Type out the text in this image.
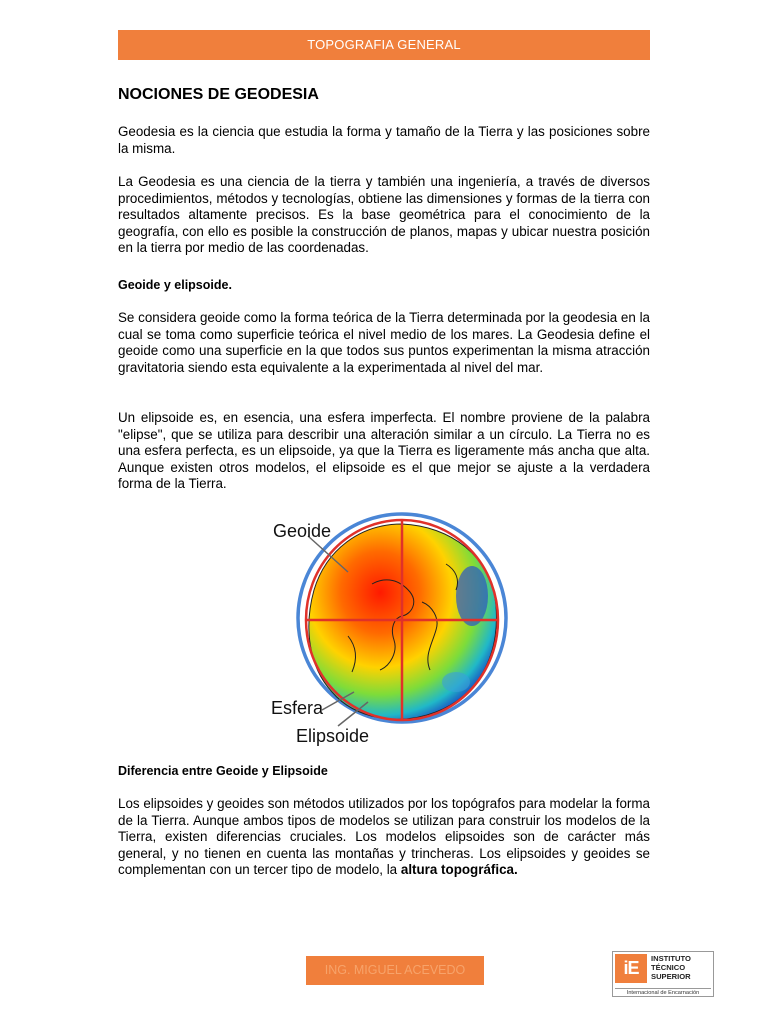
TOPOGRAFIA GENERAL
NOCIONES DE GEODESIA

Geodesia es la ciencia que estudia la forma y tamaño de la Tierra y las posiciones sobre la misma.

La Geodesia es una ciencia de la tierra y también una ingeniería, a través de diversos procedimientos, métodos y tecnologías, obtiene las dimensiones y formas de la tierra con resultados altamente precisos. Es la base geométrica para el conocimiento de la geografía, con ello es posible la construcción de planos, mapas y ubicar nuestra posición en la tierra por medio de las coordenadas.

Geoide y elipsoide.

Se considera geoide como la forma teórica de la Tierra determinada por la geodesia en la cual se toma como superficie teórica el nivel medio de los mares. La Geodesia define el geoide como una superficie en la que todos sus puntos experimentan la misma atracción gravitatoria siendo esta equivalente a la experimentada al nivel del mar.

Un elipsoide es, en esencia, una esfera imperfecta. El nombre proviene de la palabra "elipse", que se utiliza para describir una alteración similar a un círculo. La Tierra no es una esfera perfecta, es un elipsoide, ya que la Tierra es ligeramente más ancha que alta. Aunque existen otros modelos, el elipsoide es el que mejor se ajuste a la verdadera forma de la Tierra.

Geoide
Esfera
Elipsoide
Diferencia entre Geoide y Elipsoide

Los elipsoides y geoides son métodos utilizados por los topógrafos para modelar la forma de la Tierra. Aunque ambos tipos de modelos se utilizan para construir los modelos de la Tierra, existen diferencias cruciales. Los modelos elipsoides son de carácter más general, y no tienen en cuenta las montañas y trincheras. Los elipsoides y geoides se complementan con un tercer tipo de modelo, la altura topográfica.

ING. MIGUEL ACEVEDO	iE	INSTITUTO
TÉCNICO
SUPERIOR
Internacional de Encarnación
